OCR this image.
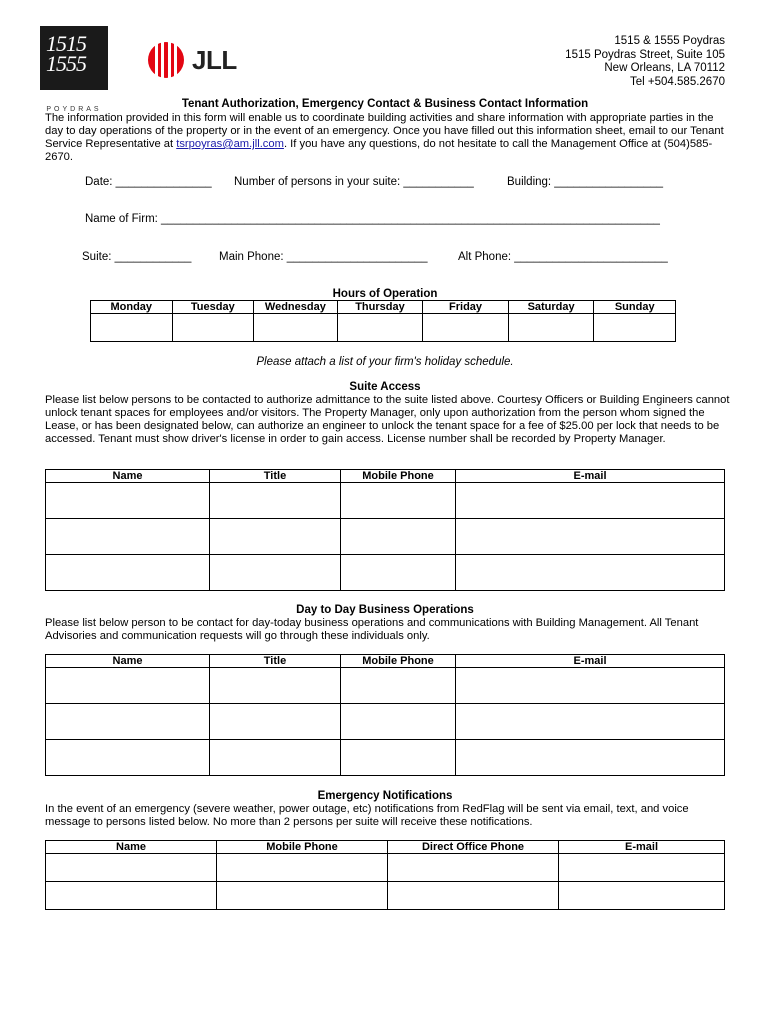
1515
1555
POYDRAS
JLL
1515 & 1555 Poydras
1515 Poydras Street, Suite 105
New Orleans, LA 70112
Tel +504.585.2670
Tenant Authorization, Emergency Contact & Business Contact Information
The information provided in this form will enable us to coordinate building activities and share information with appropriate parties in the day to day operations of the property or in the event of an emergency. Once you have filled out this information sheet, email to our Tenant Service Representative at tsrpoyras@am.jll.com. If you have any questions, do not hesitate to call the Management Office at (504)585-2670.
Date: _______________ Number of persons in your suite: ___________	Building: _________________
Name of Firm: ______________________________________________________________________________
Suite: ____________ Main Phone: ______________________	Alt Phone: ________________________
Hours of Operation
Monday	Tuesday	Wednesday	Thursday	Friday	Saturday	Sunday

Please attach a list of your firm's holiday schedule.
Suite Access
Please list below persons to be contacted to authorize admittance to the suite listed above. Courtesy Officers or Building Engineers cannot unlock tenant spaces for employees and/or visitors. The Property Manager, only upon authorization from the person whom signed the Lease, or has been designated below, can authorize an engineer to unlock the tenant space for a fee of $25.00 per lock that needs to be accessed. Tenant must show driver's license in order to gain access. License number shall be recorded by Property Manager.
Name	Title	Mobile Phone	E-mail

Day to Day Business Operations
Please list below person to be contact for day-today business operations and communications with Building Management. All Tenant Advisories and communication requests will go through these individuals only.
Name	Title	Mobile Phone	E-mail

Emergency Notifications
In the event of an emergency (severe weather, power outage, etc) notifications from RedFlag will be sent via email, text, and voice message to persons listed below. No more than 2 persons per suite will receive these notifications.
Name	Mobile Phone	Direct Office Phone	E-mail
